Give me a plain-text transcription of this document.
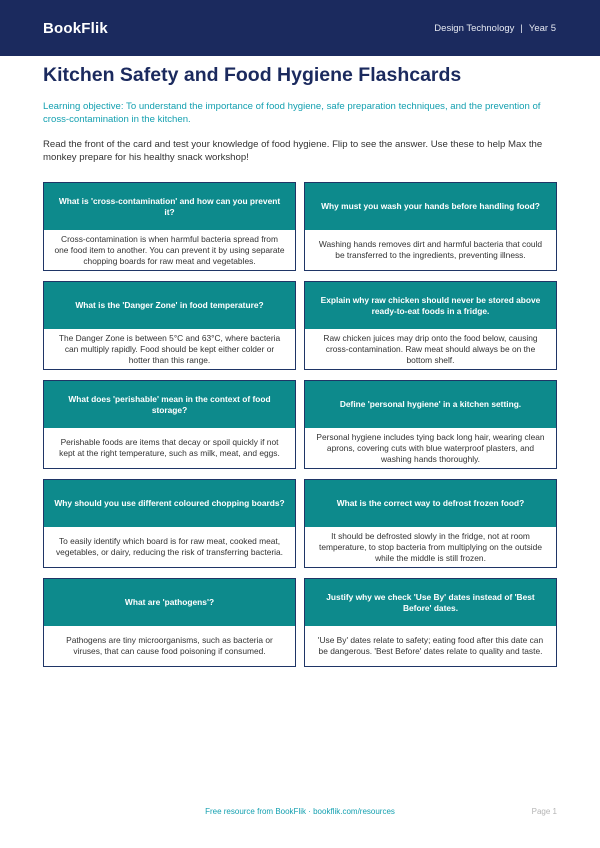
BookFlik	Design Technology | Year 5
Kitchen Safety and Food Hygiene Flashcards

Learning objective: To understand the importance of food hygiene, safe preparation techniques, and the prevention of cross-contamination in the kitchen.

Read the front of the card and test your knowledge of food hygiene. Flip to see the answer. Use these to help Max the monkey prepare for his healthy snack workshop!

What is 'cross-contamination' and how can you prevent it?
Cross-contamination is when harmful bacteria spread from one food item to another. You can prevent it by using separate chopping boards for raw meat and vegetables.
Why must you wash your hands before handling food?
Washing hands removes dirt and harmful bacteria that could be transferred to the ingredients, preventing illness.
What is the 'Danger Zone' in food temperature?
The Danger Zone is between 5°C and 63°C, where bacteria can multiply rapidly. Food should be kept either colder or hotter than this range.
Explain why raw chicken should never be stored above ready-to-eat foods in a fridge.
Raw chicken juices may drip onto the food below, causing cross-contamination. Raw meat should always be on the bottom shelf.
What does 'perishable' mean in the context of food storage?
Perishable foods are items that decay or spoil quickly if not kept at the right temperature, such as milk, meat, and eggs.
Define 'personal hygiene' in a kitchen setting.
Personal hygiene includes tying back long hair, wearing clean aprons, covering cuts with blue waterproof plasters, and washing hands thoroughly.
Why should you use different coloured chopping boards?
To easily identify which board is for raw meat, cooked meat, vegetables, or dairy, reducing the risk of transferring bacteria.
What is the correct way to defrost frozen food?
It should be defrosted slowly in the fridge, not at room temperature, to stop bacteria from multiplying on the outside while the middle is still frozen.
What are 'pathogens'?
Pathogens are tiny microorganisms, such as bacteria or viruses, that can cause food poisoning if consumed.
Justify why we check 'Use By' dates instead of 'Best Before' dates.
'Use By' dates relate to safety; eating food after this date can be dangerous. 'Best Before' dates relate to quality and taste.
Free resource from BookFlik · bookflik.com/resources	Page 1
